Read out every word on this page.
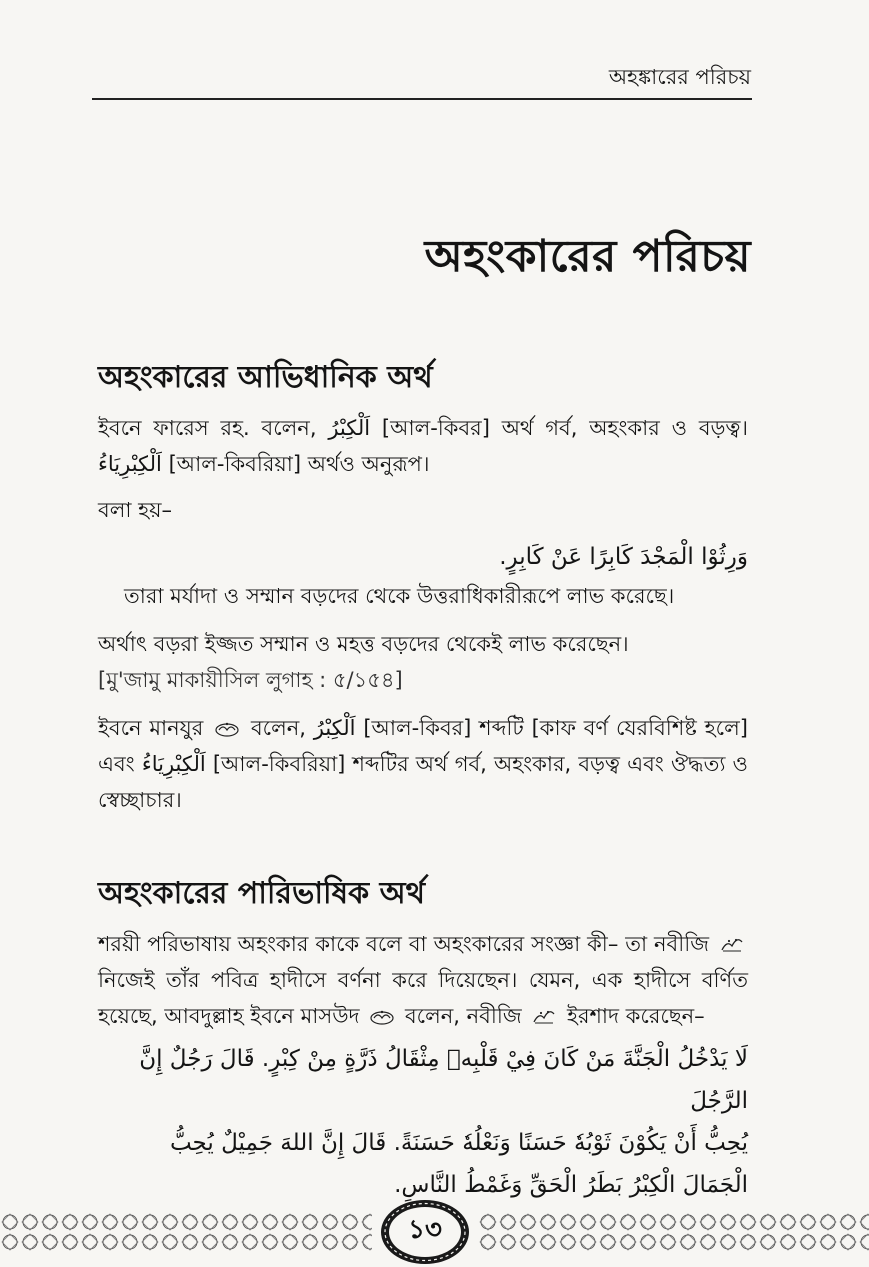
অহঙ্কারের পরিচয়
অহংকারের পরিচয়
অহংকারের আভিধানিক অর্থ

ইবনে ফারেস রহ. বলেন, اَلْكِبْرُ [আল-কিবর] অর্থ গর্ব, অহংকার ও বড়ত্ব। اَلْكِبْرِيَاءُ [আল-কিবরিয়া] অর্থও অনুরূপ।

বলা হয়–

وَرِثُوْا الْمَجْدَ كَابِرًا عَنْ كَابِرٍ.

তারা মর্যাদা ও সম্মান বড়দের থেকে উত্তরাধিকারীরূপে লাভ করেছে।

অর্থাৎ বড়রা ইজ্জত সম্মান ও মহত্ত বড়দের থেকেই লাভ করেছেন।

[মু'জামু মাকায়ীসিল লুগাহ : ৫/১৫৪]

ইবনে মানযুর বলেন, اَلْكِبْرُ [আল-কিবর] শব্দটি [কাফ বর্ণ যেরবিশিষ্ট হলে] এবং اَلْكِبْرِيَاءُ [আল-কিবরিয়া] শব্দটির অর্থ গর্ব, অহংকার, বড়ত্ব এবং ঔদ্ধত্য ও স্বেচ্ছাচার।

অহংকারের পারিভাষিক অর্থ

শরয়ী পরিভাষায় অহংকার কাকে বলে বা অহংকারের সংজ্ঞা কী– তা নবীজি
নিজেই তাঁর পবিত্র হাদীসে বর্ণনা করে দিয়েছেন। যেমন, এক হাদীসে বর্ণিত হয়েছে, আবদুল্লাহ ইবনে মাসউদ বলেন, নবীজি ইরশাদ করেছেন–

لَا يَدْخُلُ الْجَنَّةَ مَنْ كَانَ فِيْ قَلْبِهٖ مِثْقَالُ ذَرَّةٍ مِنْ كِبْرٍ. قَالَ رَجُلٌ إِنَّ الرَّجُلَ

يُحِبُّ أَنْ يَكُوْنَ ثَوْبُهٗ حَسَنًا وَنَعْلُهٗ حَسَنَةً. قَالَ إِنَّ اللهَ جَمِيْلٌ يُحِبُّ

الْجَمَالَ الْكِبْرُ بَطَرُ الْحَقِّ وَغَمْطُ النَّاسِ.

১৩
